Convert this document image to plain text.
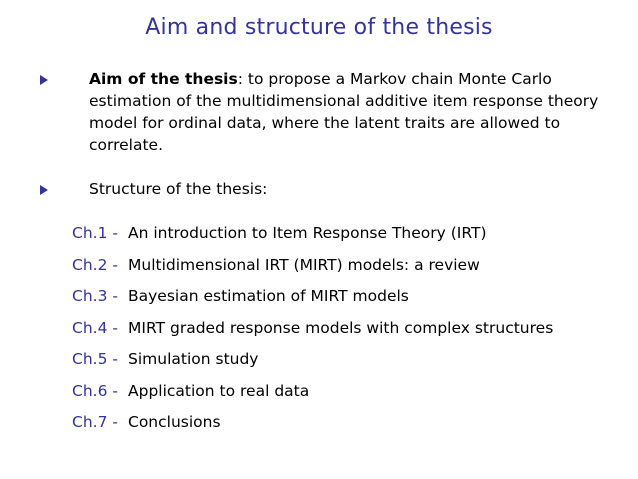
Aim and structure of the thesis
Aim of the thesis: to propose a Markov chain Monte Carlo estimation of the multidimensional additive item response theory model for ordinal data, where the latent traits are allowed to correlate.
Structure of the thesis:
Ch.1 - An introduction to Item Response Theory (IRT)
Ch.2 - Multidimensional IRT (MIRT) models: a review
Ch.3 - Bayesian estimation of MIRT models
Ch.4 - MIRT graded response models with complex structures
Ch.5 - Simulation study
Ch.6 - Application to real data
Ch.7 - Conclusions
